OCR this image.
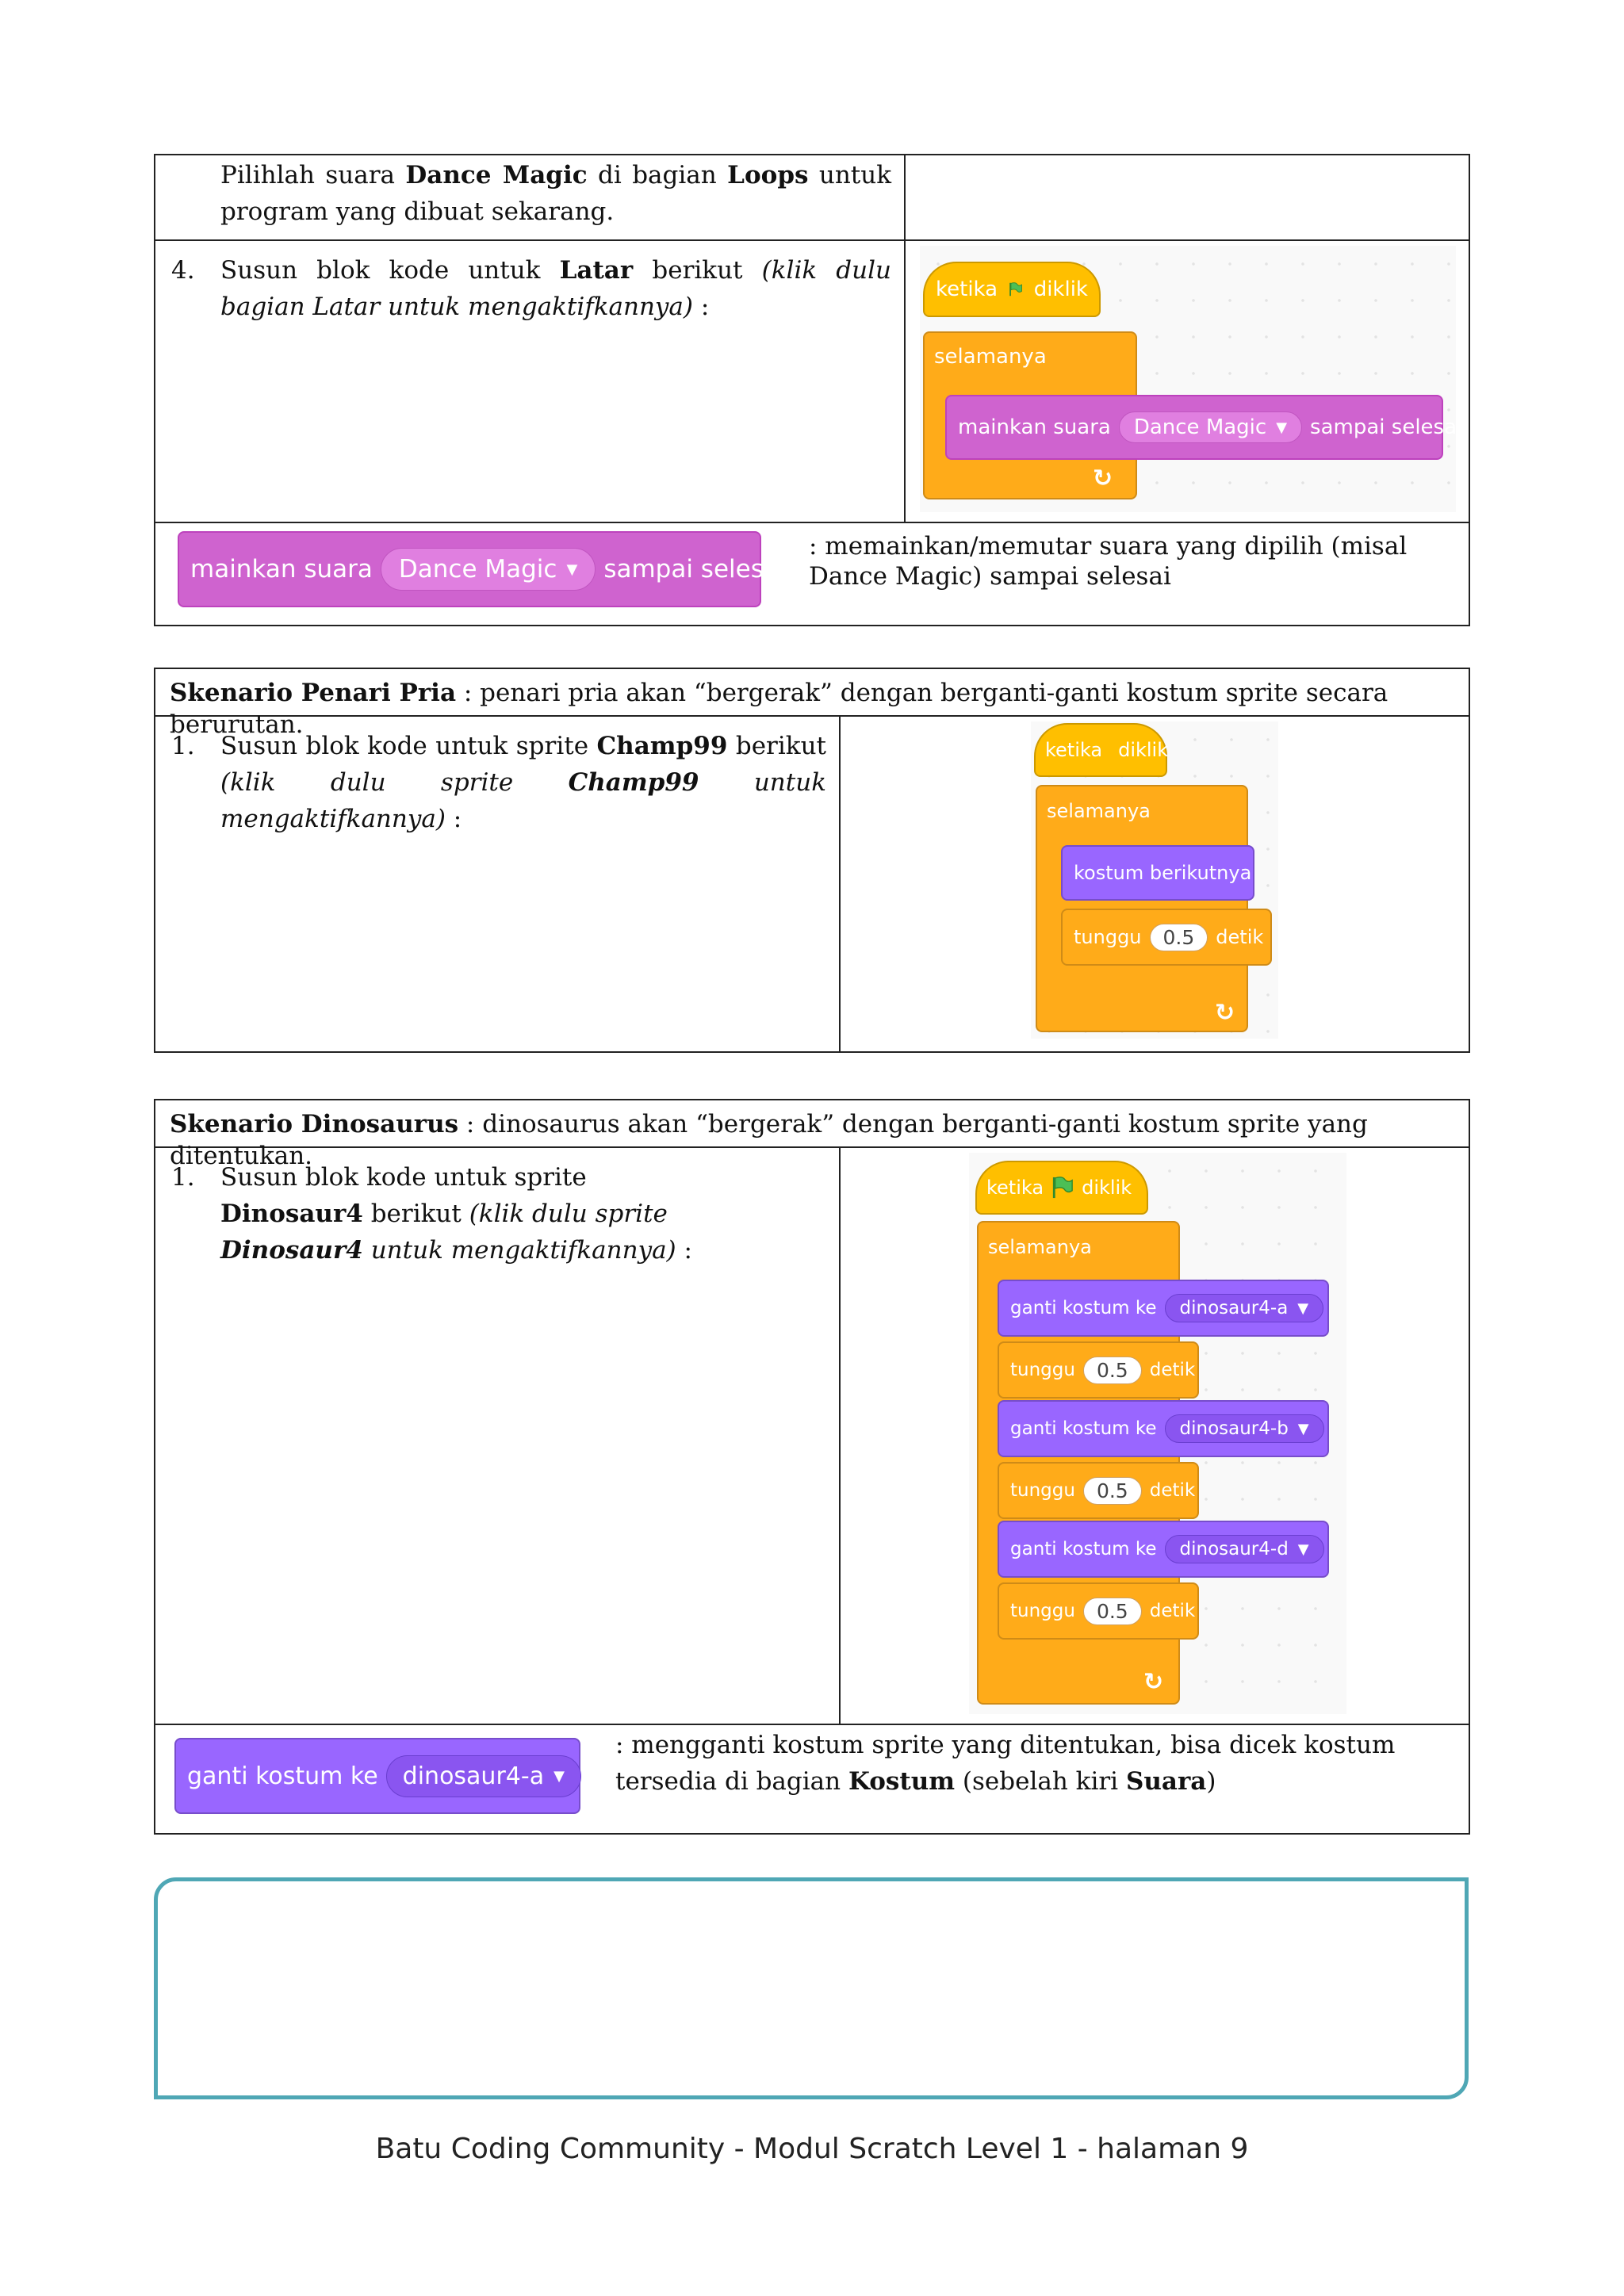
Pilihlah suara Dance Magic di bagian Loops untuk program yang dibuat sekarang.
4.	Susun blok kode untuk Latar berikut (klik dulu bagian Latar untuk mengaktifkannya) :
ketika diklik
selamanya
mainkan suara Dance Magic ▼ sampai selesai
↻
mainkan suara Dance Magic ▼ sampai selesai
: memainkan/memutar suara yang dipilih (misal Dance Magic) sampai selesai
Skenario Penari Pria : penari pria akan “bergerak” dengan berganti-ganti kostum sprite secara berurutan.
1.	Susun blok kode untuk sprite Champ99 berikut (klik dulu sprite Champ99 untuk mengaktifkannya) :
ketika diklik
selamanya
kostum berikutnya
tunggu	0.5	detik
↻
Skenario Dinosaurus : dinosaurus akan “bergerak” dengan berganti-ganti kostum sprite yang ditentukan.
1.	Susun blok kode untuk sprite Dinosaur4 berikut (klik dulu sprite Dinosaur4 untuk mengaktifkannya) :
ketika diklik
selamanya
ganti kostum ke dinosaur4-a ▼
tunggu	0.5	detik
ganti kostum ke dinosaur4-b ▼
tunggu	0.5	detik
ganti kostum ke dinosaur4-d ▼
tunggu	0.5	detik
↻
ganti kostum ke dinosaur4-a ▼
: mengganti kostum sprite yang ditentukan, bisa dicek kostum tersedia di bagian Kostum (sebelah kiri Suara)
Batu Coding Community - Modul Scratch Level 1 - halaman 9
